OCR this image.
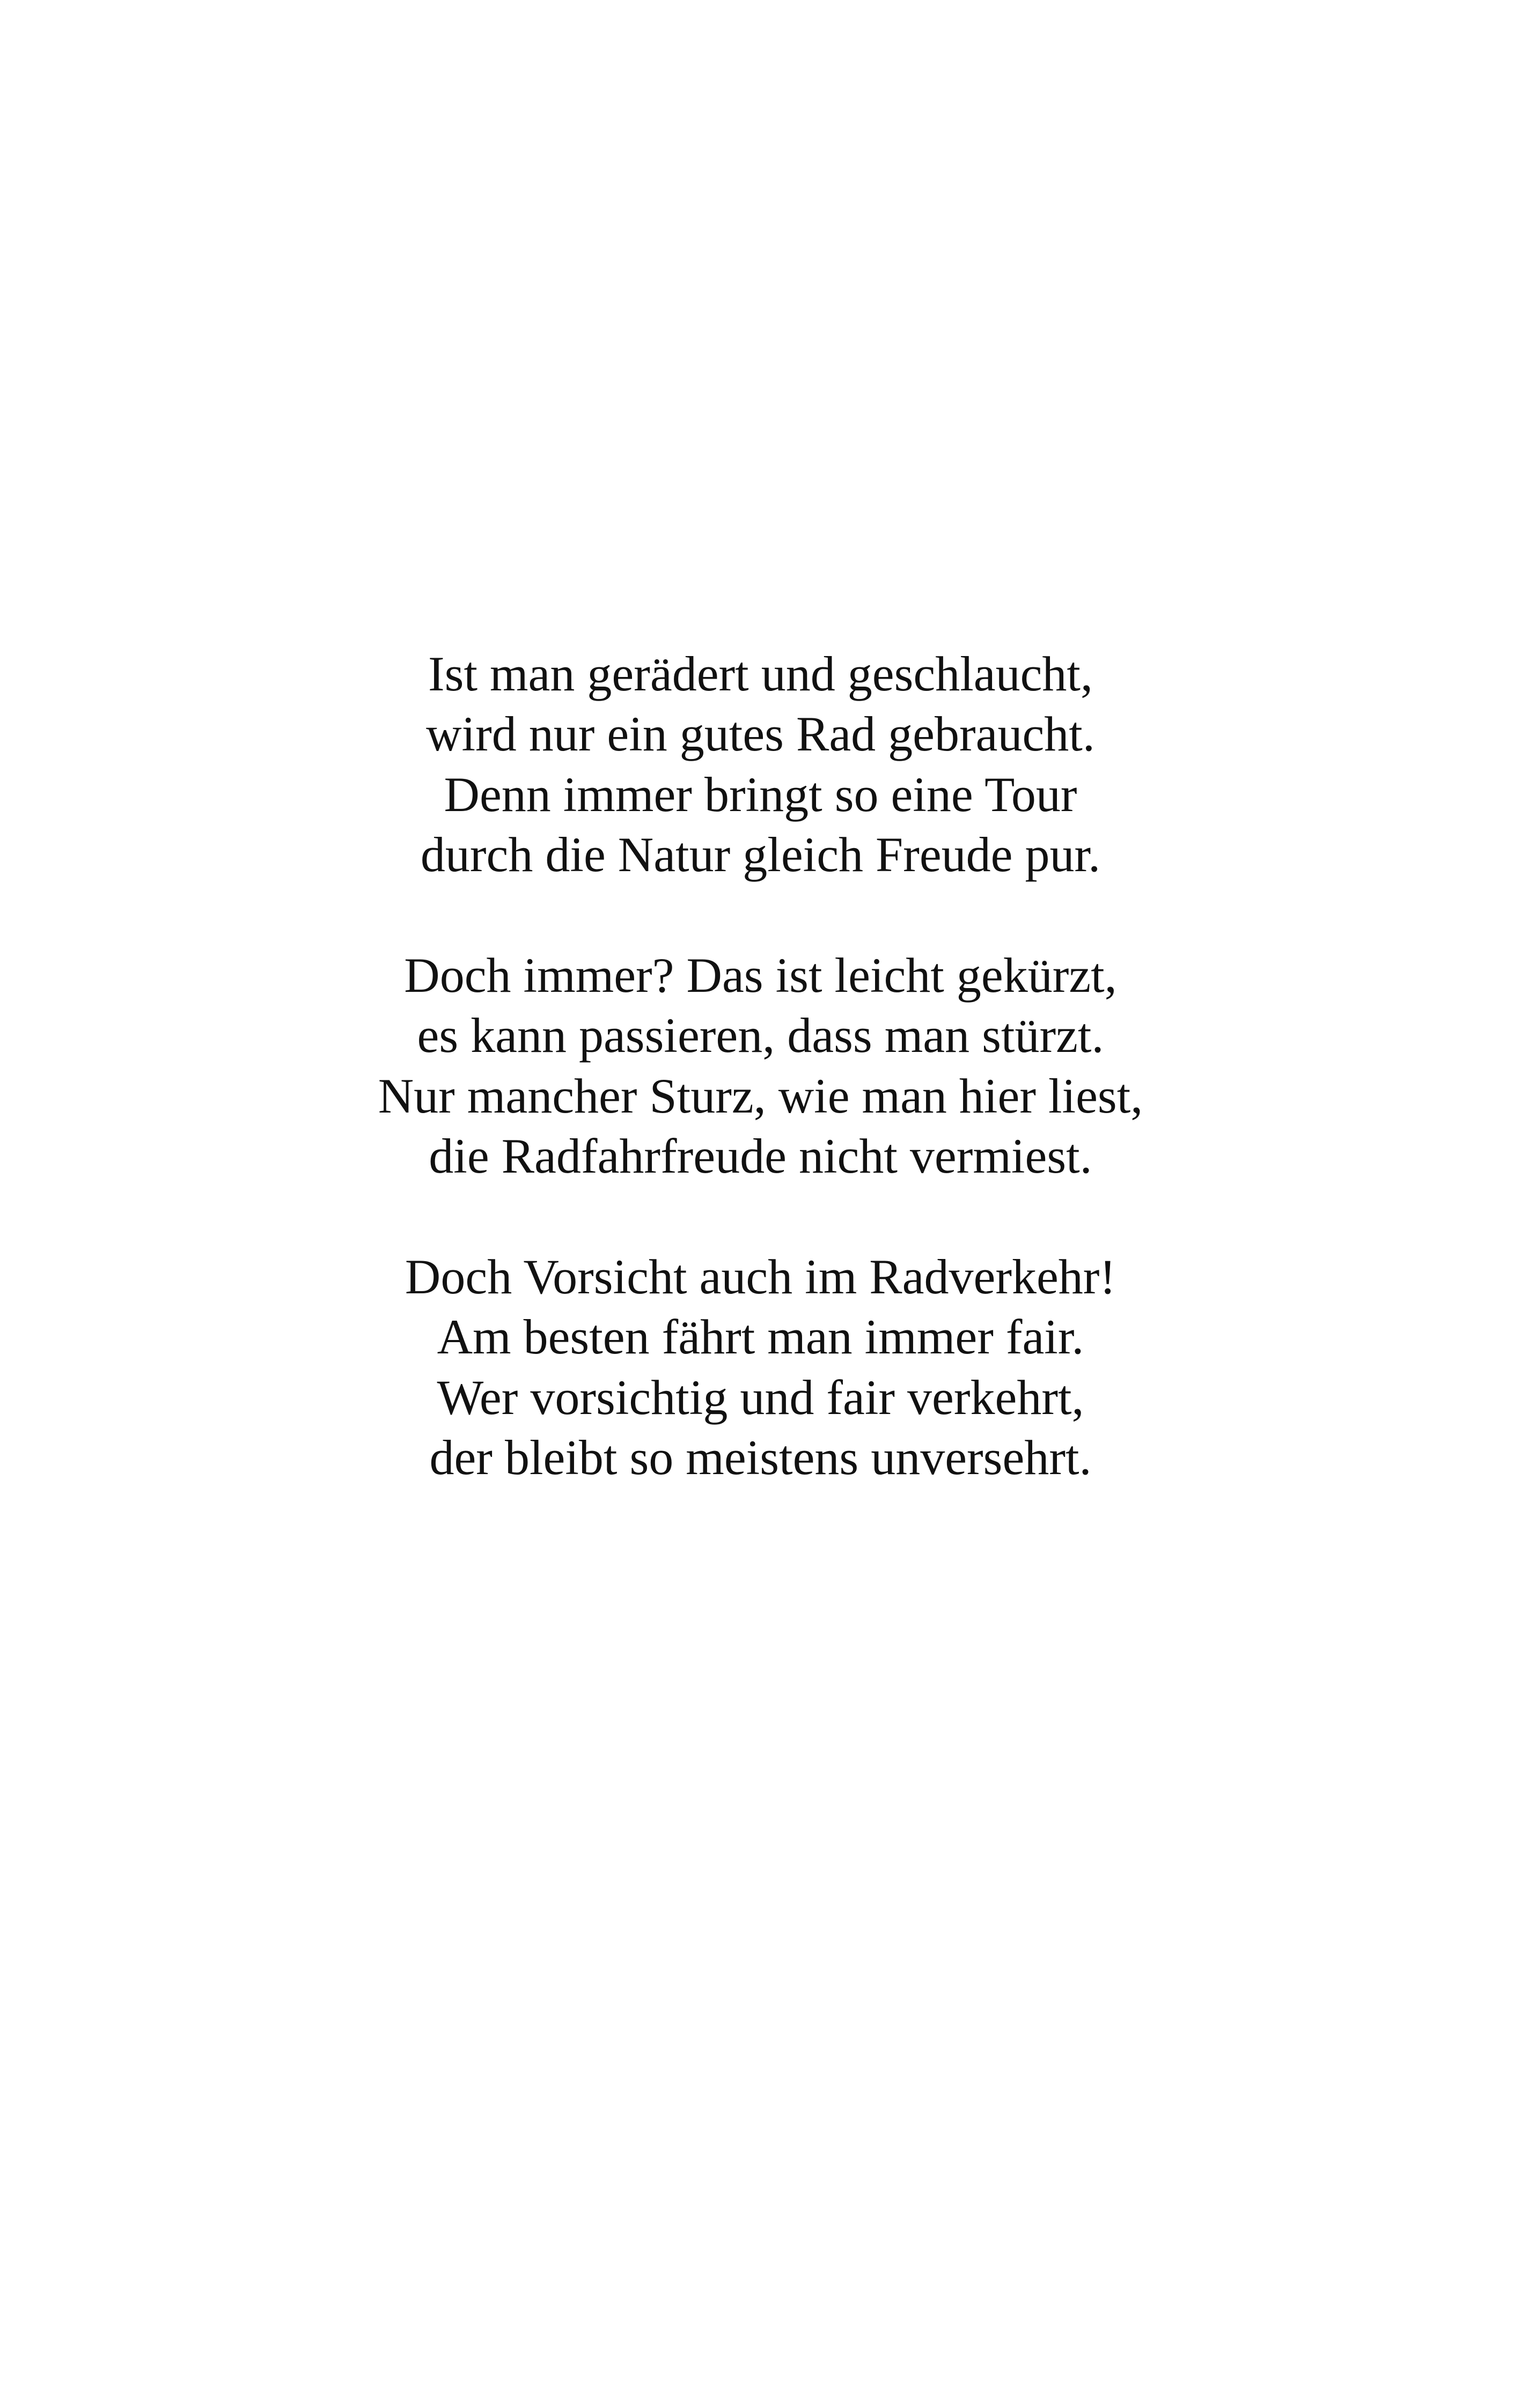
Ist man gerädert und geschlaucht,
wird nur ein gutes Rad gebraucht.
Denn immer bringt so eine Tour
durch die Natur gleich Freude pur.

Doch immer? Das ist leicht gekürzt,
es kann passieren, dass man stürzt.
Nur mancher Sturz, wie man hier liest,
die Radfahrfreude nicht vermiest.

Doch Vorsicht auch im Radverkehr!
Am besten fährt man immer fair.
Wer vorsichtig und fair verkehrt,
der bleibt so meistens unversehrt.
